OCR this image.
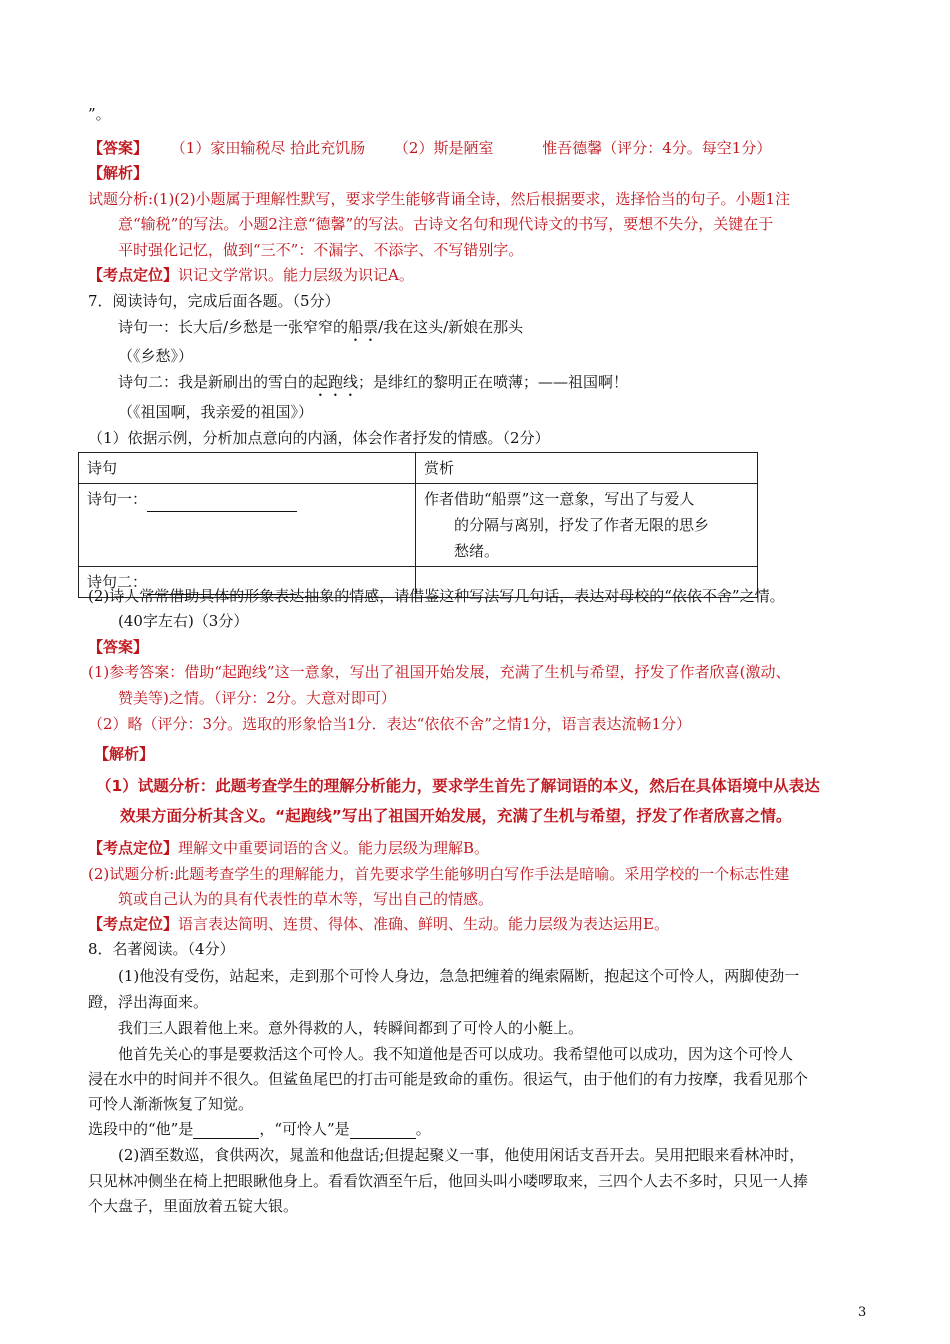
”。
【答案】 （1）家田输税尽 拾此充饥肠 （2）斯是陋室	惟吾德馨（评分：4分。每空1分）
【解析】
试题分析:(1)(2)小题属于理解性默写，要求学生能够背诵全诗，然后根据要求，选择恰当的句子。小题1注
意“输税”的写法。小题2注意“德馨”的写法。古诗文名句和现代诗文的书写，要想不失分，关键在于
平时强化记忆，做到“三不”：不漏字、不添字、不写错别字。
【考点定位】识记文学常识。能力层级为识记A。
7．阅读诗句，完成后面各题。（5分）
诗句一：长大后/乡愁是一张窄窄的船票/我在这头/新娘在那头
（《乡愁》）
诗句二：我是新刷出的雪白的起跑线；是绯红的黎明正在喷薄；——祖国啊！
（《祖国啊，我亲爱的祖国》）
（1）依据示例，分析加点意向的内涵，体会作者抒发的情感。（2分）
诗句	赏析
诗句一：	作者借助“船票”这一意象，写出了与爱人
的分隔与离别，抒发了作者无限的思乡
愁绪。

诗句二：	
(2)诗人常常借助具体的形象表达抽象的情感，请借鉴这种写法写几句话，表达对母校的“依依不舍”之情。
(40字左右)（3分）
【答案】
(1)参考答案：借助“起跑线”这一意象，写出了祖国开始发展，充满了生机与希望，抒发了作者欣喜(激动、
赞美等)之情。（评分：2分。大意对即可）
（2）略（评分：3分。选取的形象恰当1分．表达“依依不舍”之情1分，语言表达流畅1分）
【解析】
（1）试题分析：此题考查学生的理解分析能力，要求学生首先了解词语的本义，然后在具体语境中从表达
效果方面分析其含义。“起跑线”写出了祖国开始发展，充满了生机与希望，抒发了作者欣喜之情。
【考点定位】理解文中重要词语的含义。能力层级为理解B。
(2)试题分析:此题考查学生的理解能力，首先要求学生能够明白写作手法是暗喻。采用学校的一个标志性建
筑或自己认为的具有代表性的草木等，写出自己的情感。
【考点定位】语言表达简明、连贯、得体、准确、鲜明、生动。能力层级为表达运用E。
8．名著阅读。（4分）
(1)他没有受伤，站起来，走到那个可怜人身边，急急把缠着的绳索隔断，抱起这个可怜人，两脚使劲一
蹬，浮出海面来。
我们三人跟着他上来。意外得救的人，转瞬间都到了可怜人的小艇上。
他首先关心的事是要救活这个可怜人。我不知道他是否可以成功。我希望他可以成功，因为这个可怜人
浸在水中的时间并不很久。但鲨鱼尾巴的打击可能是致命的重伤。很运气，由于他们的有力按摩，我看见那个
可怜人渐渐恢复了知觉。
选段中的“他”是	，“可怜人”是	。
(2)酒至数巡，食供两次，晁盖和他盘话;但提起聚义一事，他使用闲话支吾开去。吴用把眼来看林冲时，
只见林冲侧坐在椅上把眼瞅他身上。看看饮酒至午后，他回头叫小喽啰取来，三四个人去不多时，只见一人捧
个大盘子，里面放着五锭大银。
3
